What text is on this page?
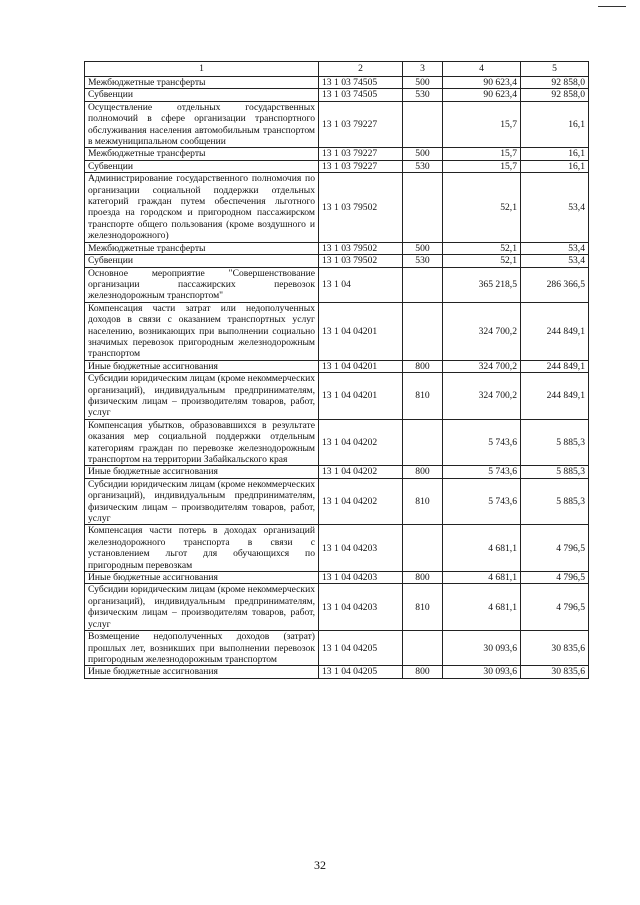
1	2	3	4	5
Межбюджетные трансферты	13 1 03 74505	500	90 623,4	92 858,0
Субвенции	13 1 03 74505	530	90 623,4	92 858,0
Осуществление отдельных государственных полномочий в сфере организации транспортного обслуживания населения автомобильным транспортом в межмуниципальном сообщении	13 1 03 79227		15,7	16,1
Межбюджетные трансферты	13 1 03 79227	500	15,7	16,1
Субвенции	13 1 03 79227	530	15,7	16,1
Администрирование государственного полномочия по организации социальной поддержки отдельных категорий граждан путем обеспечения льготного проезда на городском и пригородном пассажирском транспорте общего пользования (кроме воздушного и железнодорожного)	13 1 03 79502		52,1	53,4
Межбюджетные трансферты	13 1 03 79502	500	52,1	53,4
Субвенции	13 1 03 79502	530	52,1	53,4
Основное мероприятие "Совершенствование организации пассажирских перевозок железнодорожным транспортом"	13 1 04		365 218,5	286 366,5
Компенсация части затрат или недополученных доходов в связи с оказанием транспортных услуг населению, возникающих при выполнении социально значимых перевозок пригородным железнодорожным транспортом	13 1 04 04201		324 700,2	244 849,1
Иные бюджетные ассигнования	13 1 04 04201	800	324 700,2	244 849,1
Субсидии юридическим лицам (кроме некоммерческих организаций), индивидуальным предпринимателям, физическим лицам – производителям товаров, работ, услуг	13 1 04 04201	810	324 700,2	244 849,1
Компенсация убытков, образовавшихся в результате оказания мер социальной поддержки отдельным категориям граждан по перевозке железнодорожным транспортом на территории Забайкальского края	13 1 04 04202		5 743,6	5 885,3
Иные бюджетные ассигнования	13 1 04 04202	800	5 743,6	5 885,3
Субсидии юридическим лицам (кроме некоммерческих организаций), индивидуальным предпринимателям, физическим лицам – производителям товаров, работ, услуг	13 1 04 04202	810	5 743,6	5 885,3
Компенсация части потерь в доходах организаций железнодорожного транспорта в связи с установлением льгот для обучающихся по пригородным перевозкам	13 1 04 04203		4 681,1	4 796,5
Иные бюджетные ассигнования	13 1 04 04203	800	4 681,1	4 796,5
Субсидии юридическим лицам (кроме некоммерческих организаций), индивидуальным предпринимателям, физическим лицам – производителям товаров, работ, услуг	13 1 04 04203	810	4 681,1	4 796,5
Возмещение недополученных доходов (затрат) прошлых лет, возникших при выполнении перевозок пригородным железнодорожным транспортом	13 1 04 04205		30 093,6	30 835,6
Иные бюджетные ассигнования	13 1 04 04205	800	30 093,6	30 835,6
32
